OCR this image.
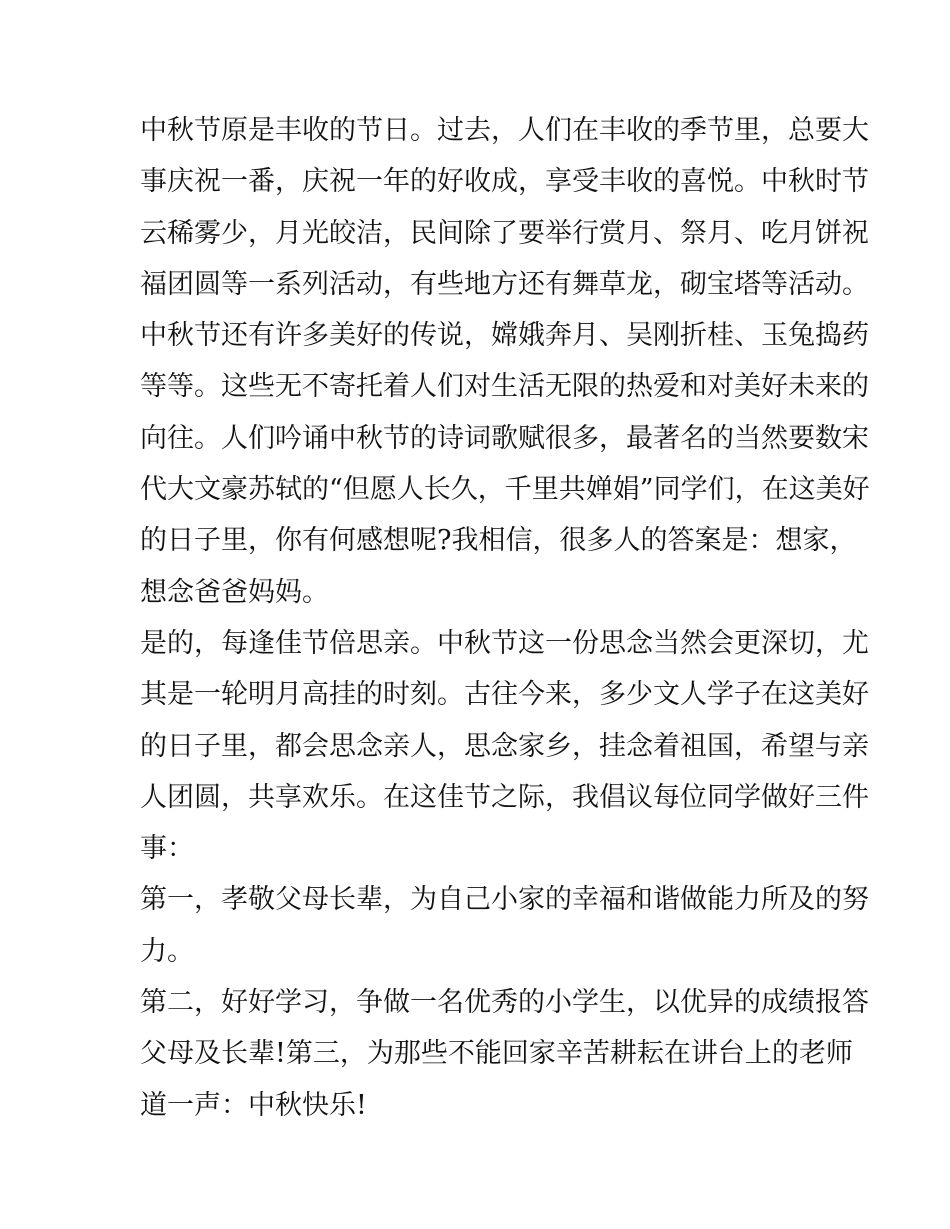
中秋节原是丰收的节日。过去，人们在丰收的季节里，总要大
事庆祝一番，庆祝一年的好收成，享受丰收的喜悦。中秋时节
云稀雾少，月光皎洁，民间除了要举行赏月、祭月、吃月饼祝
福团圆等一系列活动，有些地方还有舞草龙，砌宝塔等活动。
中秋节还有许多美好的传说，嫦娥奔月、吴刚折桂、玉兔捣药
等等。这些无不寄托着人们对生活无限的热爱和对美好未来的
向往。人们吟诵中秋节的诗词歌赋很多，最著名的当然要数宋
代大文豪苏轼的“但愿人长久，千里共婵娟”同学们，在这美好
的日子里，你有何感想呢?我相信，很多人的答案是：想家，
想念爸爸妈妈。
是的，每逢佳节倍思亲。中秋节这一份思念当然会更深切，尤
其是一轮明月高挂的时刻。古往今来，多少文人学子在这美好
的日子里，都会思念亲人，思念家乡，挂念着祖国，希望与亲
人团圆，共享欢乐。在这佳节之际，我倡议每位同学做好三件
事：
第一，孝敬父母长辈，为自己小家的幸福和谐做能力所及的努
力。
第二，好好学习，争做一名优秀的小学生，以优异的成绩报答
父母及长辈!第三，为那些不能回家辛苦耕耘在讲台上的老师
道一声：中秋快乐!
